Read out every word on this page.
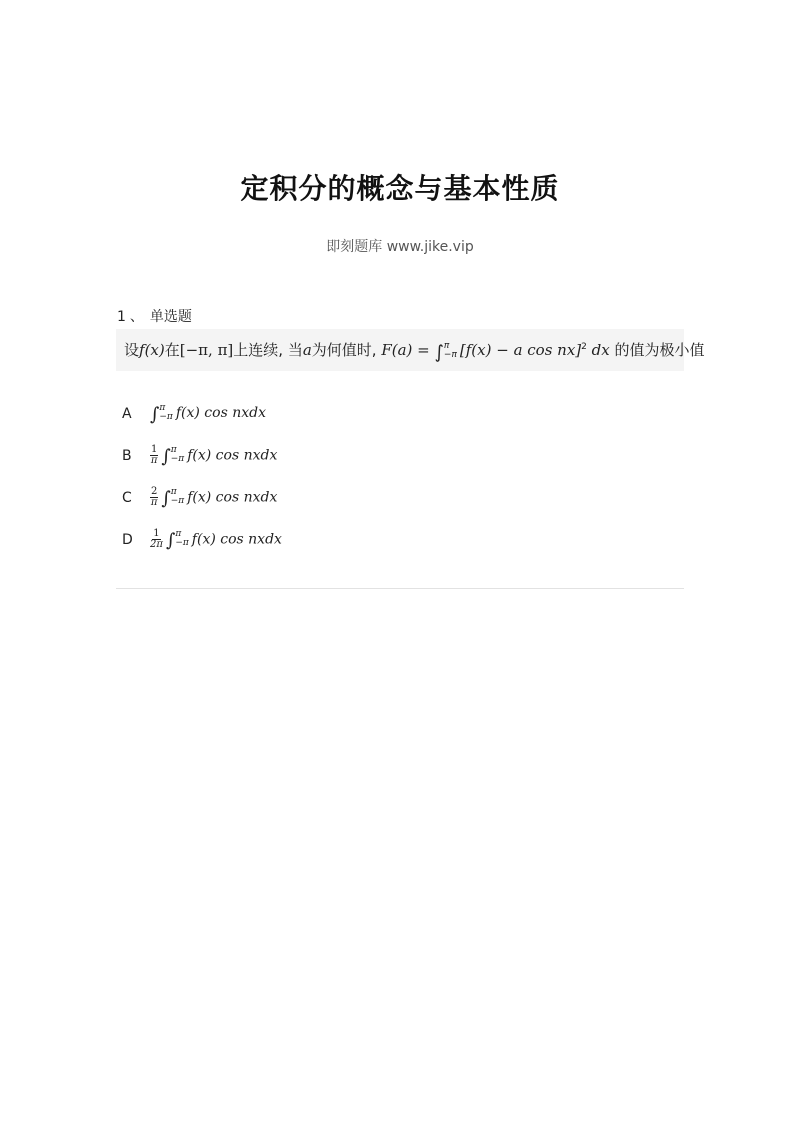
定积分的概念与基本性质
即刻题库 www.jike.vip
1 、 单选题
设f(x)在[−π, π]上连续, 当a为何值时, F(a) = ∫ π
−π [f(x) − a cos nx]$^2$ dx 的值为极小值
A	∫ π
−π f(x) cos nxdx
B	$\frac{1}{\pi}$ ∫ π
−π f(x) cos nxdx
C	$\frac{2}{\pi}$ ∫ π
−π f(x) cos nxdx
D	$\frac{1}{2\pi}$ ∫ π
−π f(x) cos nxdx
